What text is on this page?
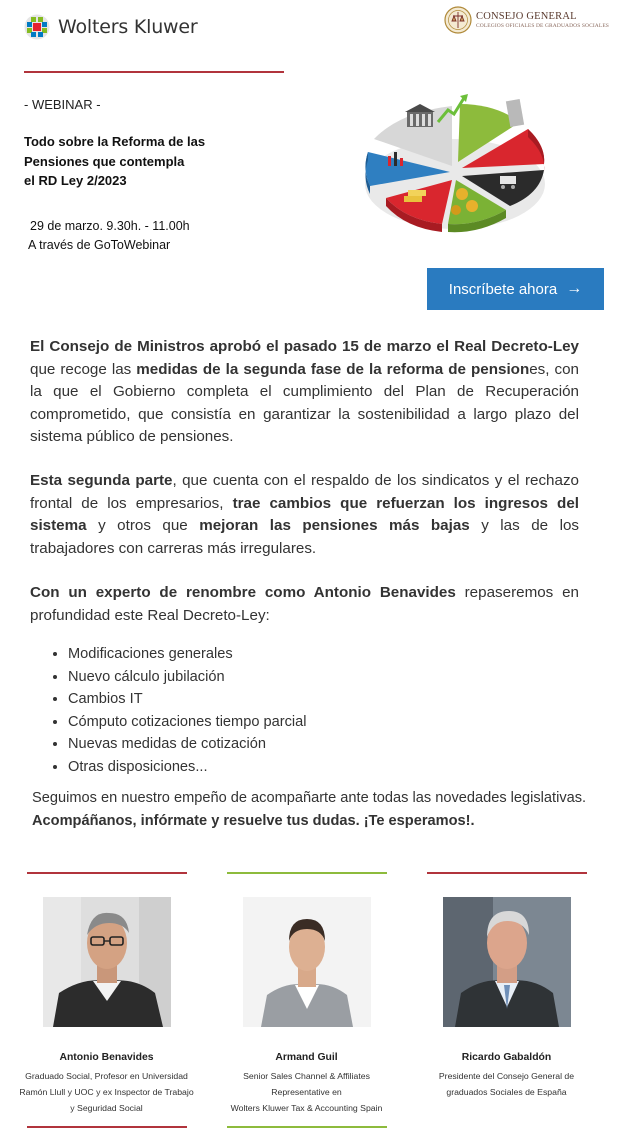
Wolters Kluwer	CONSEJO GENERAL
COLEGIOS OFICIALES DE GRADUADOS SOCIALES
- WEBINAR -
Todo sobre la Reforma de las
Pensiones que contempla
el RD Ley 2/2023
29 de marzo. 9.30h. - 11.00h
A través de GoToWebinar
Inscríbete ahora →

El Consejo de Ministros aprobó el pasado 15 de marzo el Real Decreto-Ley que recoge las medidas de la segunda fase de la reforma de pensiones, con la que el Gobierno completa el cumplimiento del Plan de Recuperación comprometido, que consistía en garantizar la sostenibilidad a largo plazo del sistema público de pensiones.

Esta segunda parte, que cuenta con el respaldo de los sindicatos y el rechazo frontal de los empresarios, trae cambios que refuerzan los ingresos del sistema y otros que mejoran las pensiones más bajas y las de los trabajadores con carreras más irregulares.

Con un experto de renombre como Antonio Benavides repaseremos en profundidad este Real Decreto-Ley:

• Modificaciones generales
• Nuevo cálculo jubilación
• Cambios IT
• Cómputo cotizaciones tiempo parcial
• Nuevas medidas de cotización
• Otras disposiciones...

Seguimos en nuestro empeño de acompañarte ante todas las novedades legislativas. Acompáñanos, infórmate y resuelve tus dudas. ¡Te esperamos!.

Antonio Benavides
Graduado Social, Profesor en Universidad
Ramón Llull y UOC y ex Inspector de Trabajo
y Seguridad Social
Armand Guil
Senior Sales Channel & Affiliates
Representative en
Wolters Kluwer Tax & Accounting Spain
Ricardo Gabaldón
Presidente del Consejo General de
graduados Sociales de España
